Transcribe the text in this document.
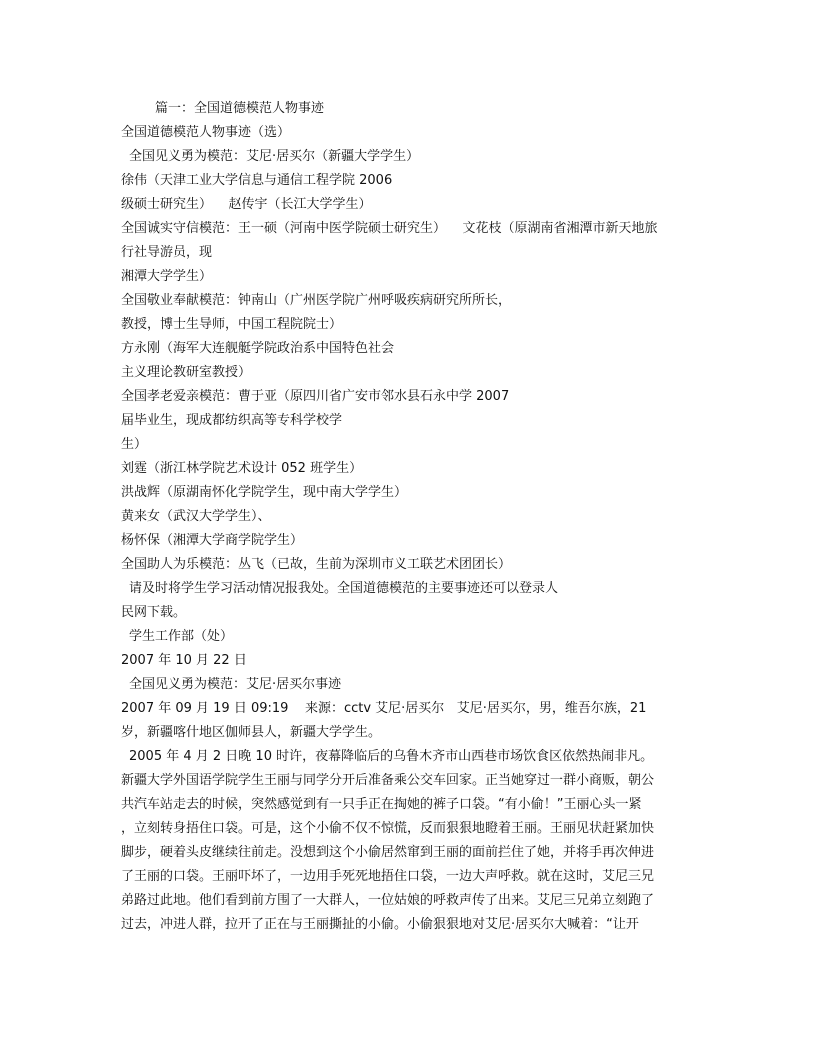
篇一：全国道德模范人物事迹
全国道德模范人物事迹（选）
全国见义勇为模范：艾尼·居买尔（新疆大学学生）
徐伟（天津工业大学信息与通信工程学院 2006
级硕士研究生）    赵传宇（长江大学学生）
全国诚实守信模范：王一硕（河南中医学院硕士研究生）    文花枝（原湖南省湘潭市新天地旅
行社导游员，现
湘潭大学学生）
全国敬业奉献模范：钟南山（广州医学院广州呼吸疾病研究所所长，
教授，博士生导师，中国工程院院士）
方永刚（海军大连舰艇学院政治系中国特色社会
主义理论教研室教授）
全国孝老爱亲模范：曹于亚（原四川省广安市邻水县石永中学 2007
届毕业生，现成都纺织高等专科学校学
生）
刘霆（浙江林学院艺术设计 052 班学生）
洪战辉（原湖南怀化学院学生，现中南大学学生）
黄来女（武汉大学学生）、
杨怀保（湘潭大学商学院学生）
全国助人为乐模范：丛飞（已故，生前为深圳市义工联艺术团团长）
请及时将学生学习活动情况报我处。全国道德模范的主要事迹还可以登录人
民网下载。
学生工作部（处）
2007 年 10 月 22 日
全国见义勇为模范：艾尼·居买尔事迹
2007 年 09 月 19 日 09:19    来源：cctv 艾尼·居买尔   艾尼·居买尔，男，维吾尔族，21
岁，新疆喀什地区伽师县人，新疆大学学生。
2005 年 4 月 2 日晚 10 时许，夜幕降临后的乌鲁木齐市山西巷市场饮食区依然热闹非凡。
新疆大学外国语学院学生王丽与同学分开后准备乘公交车回家。正当她穿过一群小商贩，朝公
共汽车站走去的时候，突然感觉到有一只手正在掏她的裤子口袋。“有小偷！”王丽心头一紧
，立刻转身捂住口袋。可是，这个小偷不仅不惊慌，反而狠狠地瞪着王丽。王丽见状赶紧加快
脚步，硬着头皮继续往前走。没想到这个小偷居然窜到王丽的面前拦住了她，并将手再次伸进
了王丽的口袋。王丽吓坏了，一边用手死死地捂住口袋，一边大声呼救。就在这时，艾尼三兄
弟路过此地。他们看到前方围了一大群人，一位姑娘的呼救声传了出来。艾尼三兄弟立刻跑了
过去，冲进人群，拉开了正在与王丽撕扯的小偷。小偷狠狠地对艾尼·居买尔大喊着：“让开
